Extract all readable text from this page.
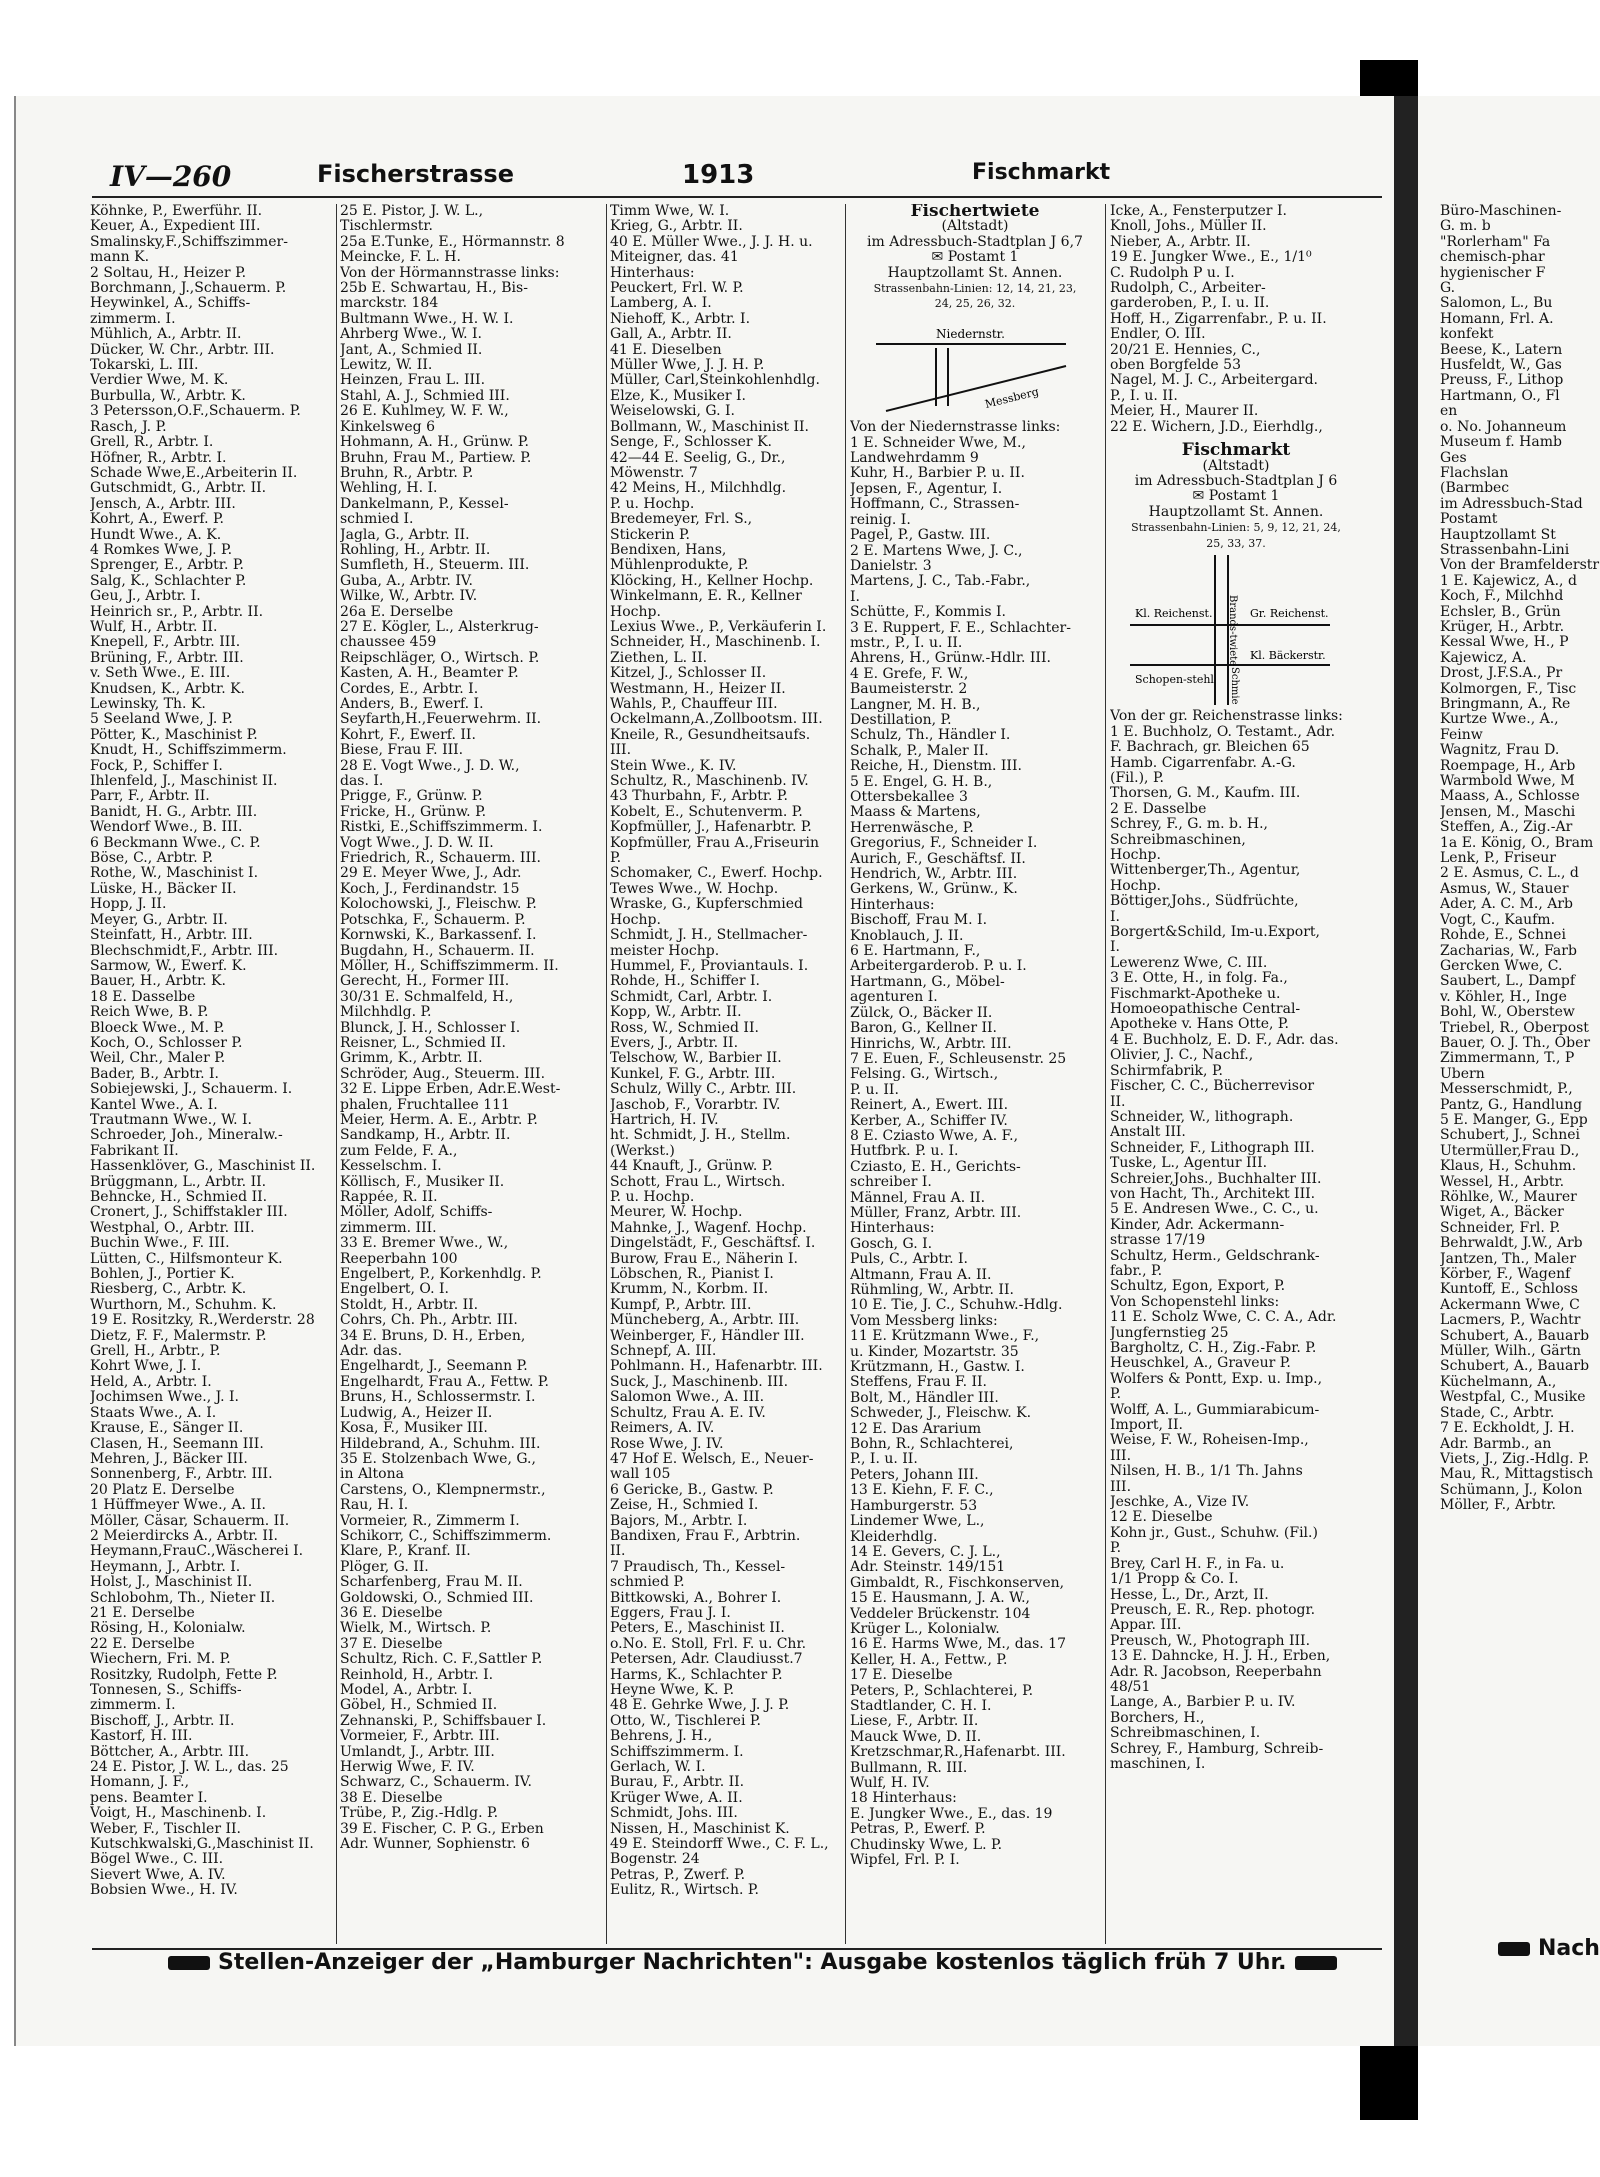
IV—260	Fischerstrasse	1913	Fischmarkt
Köhnke, P., Ewerführ. II.
Keuer, A., Expedient III.
Smalinsky,F.,Schiffszimmer-
mann K.
2 Soltau, H., Heizer P.
Borchmann, J.,Schauerm. P.
Heywinkel, A., Schiffs-
zimmerm. I.
Mühlich, A., Arbtr. II.
Dücker, W. Chr., Arbtr. III.
Tokarski, L. III.
Verdier Wwe, M. K.
Burbulla, W., Arbtr. K.
3 Petersson,O.F.,Schauerm. P.
Rasch, J. P.
Grell, R., Arbtr. I.
Höfner, R., Arbtr. I.
Schade Wwe,E.,Arbeiterin II.
Gutschmidt, G., Arbtr. II.
Jensch, A., Arbtr. III.
Kohrt, A., Ewerf. P.
Hundt Wwe., A. K.
4 Romkes Wwe, J. P.
Sprenger, E., Arbtr. P.
Salg, K., Schlachter P.
Geu, J., Arbtr. I.
Heinrich sr., P., Arbtr. II.
Wulf, H., Arbtr. II.
Knepell, F., Arbtr. III.
Brüning, F., Arbtr. III.
v. Seth Wwe., E. III.
Knudsen, K., Arbtr. K.
Lewinsky, Th. K.
5 Seeland Wwe, J. P.
Pötter, K., Maschinist P.
Knudt, H., Schiffszimmerm.
Fock, P., Schiffer I.
Ihlenfeld, J., Maschinist II.
Parr, F., Arbtr. II.
Banidt, H. G., Arbtr. III.
Wendorf Wwe., B. III.
6 Beckmann Wwe., C. P.
Böse, C., Arbtr. P.
Rothe, W., Maschinist I.
Lüske, H., Bäcker II.
Hopp, J. II.
Meyer, G., Arbtr. II.
Steinfatt, H., Arbtr. III.
Blechschmidt,F., Arbtr. III.
Sarmow, W., Ewerf. K.
Bauer, H., Arbtr. K.
18 E. Dasselbe
Reich Wwe, B. P.
Bloeck Wwe., M. P.
Koch, O., Schlosser P.
Weil, Chr., Maler P.
Bader, B., Arbtr. I.
Sobiejewski, J., Schauerm. I.
Kantel Wwe., A. I.
Trautmann Wwe., W. I.
Schroeder, Joh., Mineralw.-
Fabrikant II.
Hassenklöver, G., Maschinist II.
Brüggmann, L., Arbtr. II.
Behncke, H., Schmied II.
Cronert, J., Schiffstakler III.
Westphal, O., Arbtr. III.
Buchin Wwe., F. III.
Lütten, C., Hilfsmonteur K.
Bohlen, J., Portier K.
Riesberg, C., Arbtr. K.
Wurthorn, M., Schuhm. K.
19 E. Rositzky, R.,Werderstr. 28
Dietz, F. F., Malermstr. P.
Grell, H., Arbtr., P.
Kohrt Wwe, J. I.
Held, A., Arbtr. I.
Jochimsen Wwe., J. I.
Staats Wwe., A. I.
Krause, E., Sänger II.
Clasen, H., Seemann III.
Mehren, J., Bäcker III.
Sonnenberg, F., Arbtr. III.
20 Platz E. Derselbe
1 Hüffmeyer Wwe., A. II.
Möller, Cäsar, Schauerm. II.
2 Meierdircks A., Arbtr. II.
Heymann,FrauC.,Wäscherei I.
Heymann, J., Arbtr. I.
Holst, J., Maschinist II.
Schlobohm, Th., Nieter II.
21 E. Derselbe
Rösing, H., Kolonialw.
22 E. Derselbe
Wiechern, Fri. M. P.
Rositzky, Rudolph, Fette P.
Tonnesen, S., Schiffs-
zimmerm. I.
Bischoff, J., Arbtr. II.
Kastorf, H. III.
Böttcher, A., Arbtr. III.
24 E. Pistor, J. W. L., das. 25
Homann, J. F.,
pens. Beamter I.
Voigt, H., Maschinenb. I.
Weber, F., Tischler II.
Kutschkwalski,G.,Maschinist II.
Bögel Wwe., C. III.
Sievert Wwe, A. IV.
Bobsien Wwe., H. IV.
25 E. Pistor, J. W. L.,
Tischlermstr.
25a E.Tunke, E., Hörmannstr. 8
Meincke, F. L. H.
Von der Hörmannstrasse links:
25b E. Schwartau, H., Bis-
marckstr. 184
Bultmann Wwe., H. W. I.
Ahrberg Wwe., W. I.
Jant, A., Schmied II.
Lewitz, W. II.
Heinzen, Frau L. III.
Stahl, A. J., Schmied III.
26 E. Kuhlmey, W. F. W.,
Kinkelsweg 6
Hohmann, A. H., Grünw. P.
Bruhn, Frau M., Partiew. P.
Bruhn, R., Arbtr. P.
Wehling, H. I.
Dankelmann, P., Kessel-
schmied I.
Jagla, G., Arbtr. II.
Rohling, H., Arbtr. II.
Sumfleth, H., Steuerm. III.
Guba, A., Arbtr. IV.
Wilke, W., Arbtr. IV.
26a E. Derselbe
27 E. Kögler, L., Alsterkrug-
chaussee 459
Reipschläger, O., Wirtsch. P.
Kasten, A. H., Beamter P.
Cordes, E., Arbtr. I.
Anders, B., Ewerf. I.
Seyfarth,H.,Feuerwehrm. II.
Kohrt, F., Ewerf. II.
Biese, Frau F. III.
28 E. Vogt Wwe., J. D. W.,
das. I.
Prigge, F., Grünw. P.
Fricke, H., Grünw. P.
Ristki, E.,Schiffszimmerm. I.
Vogt Wwe., J. D. W. II.
Friedrich, R., Schauerm. III.
29 E. Meyer Wwe, J., Adr.
Koch, J., Ferdinandstr. 15
Kolochowski, J., Fleischw. P.
Potschka, F., Schauerm. P.
Kornwski, K., Barkassenf. I.
Bugdahn, H., Schauerm. II.
Möller, H., Schiffszimmerm. II.
Gerecht, H., Former III.
30/31 E. Schmalfeld, H.,
Milchhdlg. P.
Blunck, J. H., Schlosser I.
Reisner, L., Schmied II.
Grimm, K., Arbtr. II.
Schröder, Aug., Steuerm. III.
32 E. Lippe Erben, Adr.E.West-
phalen, Fruchtallee 111
Meier, Herm. A. E., Arbtr. P.
Sandkamp, H., Arbtr. II.
zum Felde, F. A.,
Kesselschm. I.
Köllisch, F., Musiker II.
Rappée, R. II.
Möller, Adolf, Schiffs-
zimmerm. III.
33 E. Bremer Wwe., W.,
Reeperbahn 100
Engelbert, P., Korkenhdlg. P.
Engelbert, O. I.
Stoldt, H., Arbtr. II.
Cohrs, Ch. Ph., Arbtr. III.
34 E. Bruns, D. H., Erben,
Adr. das.
Engelhardt, J., Seemann P.
Engelhardt, Frau A., Fettw. P.
Bruns, H., Schlossermstr. I.
Ludwig, A., Heizer II.
Kosa, F., Musiker III.
Hildebrand, A., Schuhm. III.
35 E. Stolzenbach Wwe, G.,
in Altona
Carstens, O., Klempnermstr.,
Rau, H. I.
Vormeier, R., Zimmerm I.
Schikorr, C., Schiffszimmerm.
Klare, P., Kranf. II.
Plöger, G. II.
Scharfenberg, Frau M. II.
Goldowski, O., Schmied III.
36 E. Dieselbe
Wielk, M., Wirtsch. P.
37 E. Dieselbe
Schultz, Rich. C. F.,Sattler P.
Reinhold, H., Arbtr. I.
Model, A., Arbtr. I.
Göbel, H., Schmied II.
Zehnanski, P., Schiffsbauer I.
Vormeier, F., Arbtr. III.
Umlandt, J., Arbtr. III.
Herwig Wwe, F. IV.
Schwarz, C., Schauerm. IV.
38 E. Dieselbe
Trübe, P., Zig.-Hdlg. P.
39 E. Fischer, C. P. G., Erben
Adr. Wunner, Sophienstr. 6
Timm Wwe, W. I.
Krieg, G., Arbtr. II.
40 E. Müller Wwe., J. J. H. u.
Miteigner, das. 41
Hinterhaus:
Peuckert, Frl. W. P.
Lamberg, A. I.
Niehoff, K., Arbtr. I.
Gall, A., Arbtr. II.
41 E. Dieselben
Müller Wwe, J. J. H. P.
Müller, Carl,Steinkohlenhdlg.
Elze, K., Musiker I.
Weiselowski, G. I.
Bollmann, W., Maschinist II.
Senge, F., Schlosser K.
42—44 E. Seelig, G., Dr.,
Möwenstr. 7
42 Meins, H., Milchhdlg.
P. u. Hochp.
Bredemeyer, Frl. S.,
Stickerin P.
Bendixen, Hans,
Mühlenprodukte, P.
Klöcking, H., Kellner Hochp.
Winkelmann, E. R., Kellner
Hochp.
Lexius Wwe., P., Verkäuferin I.
Schneider, H., Maschinenb. I.
Ziethen, L. II.
Kitzel, J., Schlosser II.
Westmann, H., Heizer II.
Wahls, P., Chauffeur III.
Ockelmann,A.,Zollbootsm. III.
Kneile, R., Gesundheitsaufs.
III.
Stein Wwe., K. IV.
Schultz, R., Maschinenb. IV.
43 Thurbahn, F., Arbtr. P.
Kobelt, E., Schutenverm. P.
Kopfmüller, J., Hafenarbtr. P.
Kopfmüller, Frau A.,Friseurin
P.
Schomaker, C., Ewerf. Hochp.
Tewes Wwe., W. Hochp.
Wraske, G., Kupferschmied
Hochp.
Schmidt, J. H., Stellmacher-
meister Hochp.
Hummel, F., Proviantauls. I.
Rohde, H., Schiffer I.
Schmidt, Carl, Arbtr. I.
Kopp, W., Arbtr. II.
Ross, W., Schmied II.
Evers, J., Arbtr. II.
Telschow, W., Barbier II.
Kunkel, F. G., Arbtr. III.
Schulz, Willy C., Arbtr. III.
Jaschob, F., Vorarbtr. IV.
Hartrich, H. IV.
ht. Schmidt, J. H., Stellm.
(Werkst.)
44 Knauft, J., Grünw. P.
Schott, Frau L., Wirtsch.
P. u. Hochp.
Meurer, W. Hochp.
Mahnke, J., Wagenf. Hochp.
Dingelstädt, F., Geschäftsf. I.
Burow, Frau E., Näherin I.
Löbschen, R., Pianist I.
Krumm, N., Korbm. II.
Kumpf, P., Arbtr. III.
Müncheberg, A., Arbtr. III.
Weinberger, F., Händler III.
Schnepf, A. III.
Pohlmann. H., Hafenarbtr. III.
Suck, J., Maschinenb. III.
Salomon Wwe., A. III.
Schultz, Frau A. E. IV.
Reimers, A. IV.
Rose Wwe, J. IV.
47 Hof E. Welsch, E., Neuer-
wall 105
6 Gericke, B., Gastw. P.
Zeise, H., Schmied I.
Bajors, M., Arbtr. I.
Bandixen, Frau F., Arbtrin.
II.
7 Praudisch, Th., Kessel-
schmied P.
Bittkowski, A., Bohrer I.
Eggers, Frau J. I.
Peters, E., Maschinist II.
o.No. E. Stoll, Frl. F. u. Chr.
Petersen, Adr. Claudiusst.7
Harms, K., Schlachter P.
Heyne Wwe, K. P.
48 E. Gehrke Wwe, J. J. P.
Otto, W., Tischlerei P.
Behrens, J. H.,
Schiffszimmerm. I.
Gerlach, W. I.
Burau, F., Arbtr. II.
Krüger Wwe, A. II.
Schmidt, Johs. III.
Nissen, H., Maschinist K.
49 E. Steindorff Wwe., C. F. L.,
Bogenstr. 24
Petras, P., Zwerf. P.
Eulitz, R., Wirtsch. P.
Fischertwiete
(Altstadt)
im Adressbuch-Stadtplan J 6,7
✉ Postamt 1
Hauptzollamt St. Annen.
Strassenbahn-Linien: 12, 14, 21, 23,
24, 25, 26, 32.
Niedernstr.
Messberg
Von der Niedernstrasse links:
1 E. Schneider Wwe, M.,
Landwehrdamm 9
Kuhr, H., Barbier P. u. II.
Jepsen, F., Agentur, I.
Hoffmann, C., Strassen-
reinig. I.
Pagel, P., Gastw. III.
2 E. Martens Wwe, J. C.,
Danielstr. 3
Martens, J. C., Tab.-Fabr.,
I.
Schütte, F., Kommis I.
3 E. Ruppert, F. E., Schlachter-
mstr., P., I. u. II.
Ahrens, H., Grünw.-Hdlr. III.
4 E. Grefe, F. W.,
Baumeisterstr. 2
Langner, M. H. B.,
Destillation, P.
Schulz, Th., Händler I.
Schalk, P., Maler II.
Reiche, H., Dienstm. III.
5 E. Engel, G. H. B.,
Ottersbekallee 3
Maass & Martens,
Herrenwäsche, P.
Gregorius, F., Schneider I.
Aurich, F., Geschäftsf. II.
Hendrich, W., Arbtr. III.
Gerkens, W., Grünw., K.
Hinterhaus:
Bischoff, Frau M. I.
Knoblauch, J. II.
6 E. Hartmann, F.,
Arbeitergarderob. P. u. I.
Hartmann, G., Möbel-
agenturen I.
Zülck, O., Bäcker II.
Baron, G., Kellner II.
Hinrichs, W., Arbtr. III.
7 E. Euen, F., Schleusenstr. 25
Felsing. G., Wirtsch.,
P. u. II.
Reinert, A., Ewert. III.
Kerber, A., Schiffer IV.
8 E. Cziasto Wwe, A. F.,
Hutfbrk. P. u. I.
Cziasto, E. H., Gerichts-
schreiber I.
Männel, Frau A. II.
Müller, Franz, Arbtr. III.
Hinterhaus:
Gosch, G. I.
Puls, C., Arbtr. I.
Altmann, Frau A. II.
Rühmling, W., Arbtr. II.
10 E. Tie, J. C., Schuhw.-Hdlg.
Vom Messberg links:
11 E. Krützmann Wwe., F.,
u. Kinder, Mozartstr. 35
Krützmann, H., Gastw. I.
Steffens, Frau F. II.
Bolt, M., Händler III.
Schweder, J., Fleischw. K.
12 E. Das Ärarium
Bohn, R., Schlachterei,
P., I. u. II.
Peters, Johann III.
13 E. Kiehn, F. F. C.,
Hamburgerstr. 53
Lindemer Wwe, L.,
Kleiderhdlg.
14 E. Gevers, C. J. L.,
Adr. Steinstr. 149/151
Gimbaldt, R., Fischkonserven,
15 E. Hausmann, J. A. W.,
Veddeler Brückenstr. 104
Krüger L., Kolonialw.
16 E. Harms Wwe, M., das. 17
Keller, H. A., Fettw., P.
17 E. Dieselbe
Peters, P., Schlachterei, P.
Stadtlander, C. H. I.
Liese, F., Arbtr. II.
Mauck Wwe, D. II.
Kretzschmar,R.,Hafenarbt. III.
Bullmann, R. III.
Wulf, H. IV.
18 Hinterhaus:
E. Jungker Wwe., E., das. 19
Petras, P., Ewerf. P.
Chudinsky Wwe, L. P.
Wipfel, Frl. P. I.
Icke, A., Fensterputzer I.
Knoll, Johs., Müller II.
Nieber, A., Arbtr. II.
19 E. Jungker Wwe., E., 1/1⁰
C. Rudolph P u. I.
Rudolph, C., Arbeiter-
garderoben, P., I. u. II.
Hoff, H., Zigarrenfabr., P. u. II.
Endler, O. III.
20/21 E. Hennies, C.,
oben Borgfelde 53
Nagel, M. J. C., Arbeitergard.
P., I. u. II.
Meier, H., Maurer II.
22 E. Wichern, J.D., Eierhdlg.,
Fischmarkt
(Altstadt)
im Adressbuch-Stadtplan J 6
✉ Postamt 1
Hauptzollamt St. Annen.
Strassenbahn-Linien: 5, 9, 12, 21, 24,
25, 33, 37.
Brands-twiete
Kl. Reichenst.	Gr. Reichenst.
Schopen-stehl Schmiede-Str.
Kl. Bäckerstr.
Von der gr. Reichenstrasse links:
1 E. Buchholz, O. Testamt., Adr.
F. Bachrach, gr. Bleichen 65
Hamb. Cigarrenfabr. A.-G.
(Fil.), P.
Thorsen, G. M., Kaufm. III.
2 E. Dasselbe
Schrey, F., G. m. b. H.,
Schreibmaschinen,
Hochp.
Wittenberger,Th., Agentur,
Hochp.
Böttiger,Johs., Südfrüchte,
I.
Borgert&Schild, Im-u.Export,
I.
Lewerenz Wwe, C. III.
3 E. Otte, H., in folg. Fa.,
Fischmarkt-Apotheke u.
Homoeopathische Central-
Apotheke v. Hans Otte, P.
4 E. Buchholz, E. D. F., Adr. das.
Olivier, J. C., Nachf.,
Schirmfabrik, P.
Fischer, C. C., Bücherrevisor
II.
Schneider, W., lithograph.
Anstalt III.
Schneider, F., Lithograph III.
Tuske, L., Agentur III.
Schreier,Johs., Buchhalter III.
von Hacht, Th., Architekt III.
5 E. Andresen Wwe., C. C., u.
Kinder, Adr. Ackermann-
strasse 17/19
Schultz, Herm., Geldschrank-
fabr., P.
Schultz, Egon, Export, P.
Von Schopenstehl links:
11 E. Scholz Wwe, C. C. A., Adr.
Jungfernstieg 25
Bargholtz, C. H., Zig.-Fabr. P.
Heuschkel, A., Graveur P.
Wolfers & Pontt, Exp. u. Imp.,
P.
Wolff, A. L., Gummiarabicum-
Import, II.
Weise, F. W., Roheisen-Imp.,
III.
Nilsen, H. B., 1/1 Th. Jahns
III.
Jeschke, A., Vize IV.
12 E. Dieselbe
Kohn jr., Gust., Schuhw. (Fil.)
P.
Brey, Carl H. F., in Fa. u.
1/1 Propp & Co. I.
Hesse, L., Dr., Arzt, II.
Preusch, E. R., Rep. photogr.
Appar. III.
Preusch, W., Photograph III.
13 E. Dahncke, H. J. H., Erben,
Adr. R. Jacobson, Reeperbahn
48/51
Lange, A., Barbier P. u. IV.
Borchers, H.,
Schreibmaschinen, I.
Schrey, F., Hamburg, Schreib-
maschinen, I.
Büro-Maschinen-
G. m. b
"Rorlerham" Fa
chemisch-phar
hygienischer F
G.
Salomon, L., Bu
Homann, Frl. A.
konfekt
Beese, K., Latern
Husfeldt, W., Gas
Preuss, F., Lithop
Hartmann, O., Fl
en
o. No. Johanneum
Museum f. Hamb
Ges
Flachslan
(Barmbec
im Adressbuch-Stad
Postamt
Hauptzollamt St
Strassenbahn-Lini
Von der Bramfelderstr
1 E. Kajewicz, A., d
Koch, F., Milchhd
Echsler, B., Grün
Krüger, H., Arbtr.
Kessal Wwe, H., P
Kajewicz, A.
Drost, J.F.S.A., Pr
Kolmorgen, F., Tisc
Bringmann, A., Re
Kurtze Wwe., A.,
Feinw
Wagnitz, Frau D.
Roempage, H., Arb
Warmbold Wwe, M
Maass, A., Schlosse
Jensen, M., Maschi
Steffen, A., Zig.-Ar
1a E. König, O., Bram
Lenk, P., Friseur
2 E. Asmus, C. L., d
Asmus, W., Stauer
Ader, A. C. M., Arb
Vogt, C., Kaufm.
Rohde, E., Schnei
Zacharias, W., Farb
Gercken Wwe, C.
Saubert, L., Dampf
v. Köhler, H., Inge
Bohl, W., Oberstew
Triebel, R., Oberpost
Bauer, O. J. Th., Ober
Zimmermann, T., P
Übern
Messerschmidt, P.,
Pantz, G., Handlung
5 E. Manger, G., Epp
Schubert, J., Schnei
Utermüller,Frau D.,
Klaus, H., Schuhm.
Wessel, H., Arbtr.
Röhlke, W., Maurer
Wiget, A., Bäcker
Schneider, Frl. P.
Behrwaldt, J.W., Arb
Jantzen, Th., Maler
Körber, F., Wagenf
Kuntoff, E., Schloss
Ackermann Wwe, C
Lacmers, P., Wachtr
Schubert, A., Bauarb
Müller, Wilh., Gärtn
Schubert, A., Bauarb
Küchelmann, A.,
Westpfal, C., Musike
Stade, C., Arbtr.
7 E. Eckholdt, J. H.
Adr. Barmb., an
Viets, J., Zig.-Hdlg. P.
Mau, R., Mittagstisch
Schümann, J., Kolon
Möller, F., Arbtr.
Stellen-Anzeiger der „Hamburger Nachrichten": Ausgabe kostenlos täglich früh 7 Uhr.
Nach
